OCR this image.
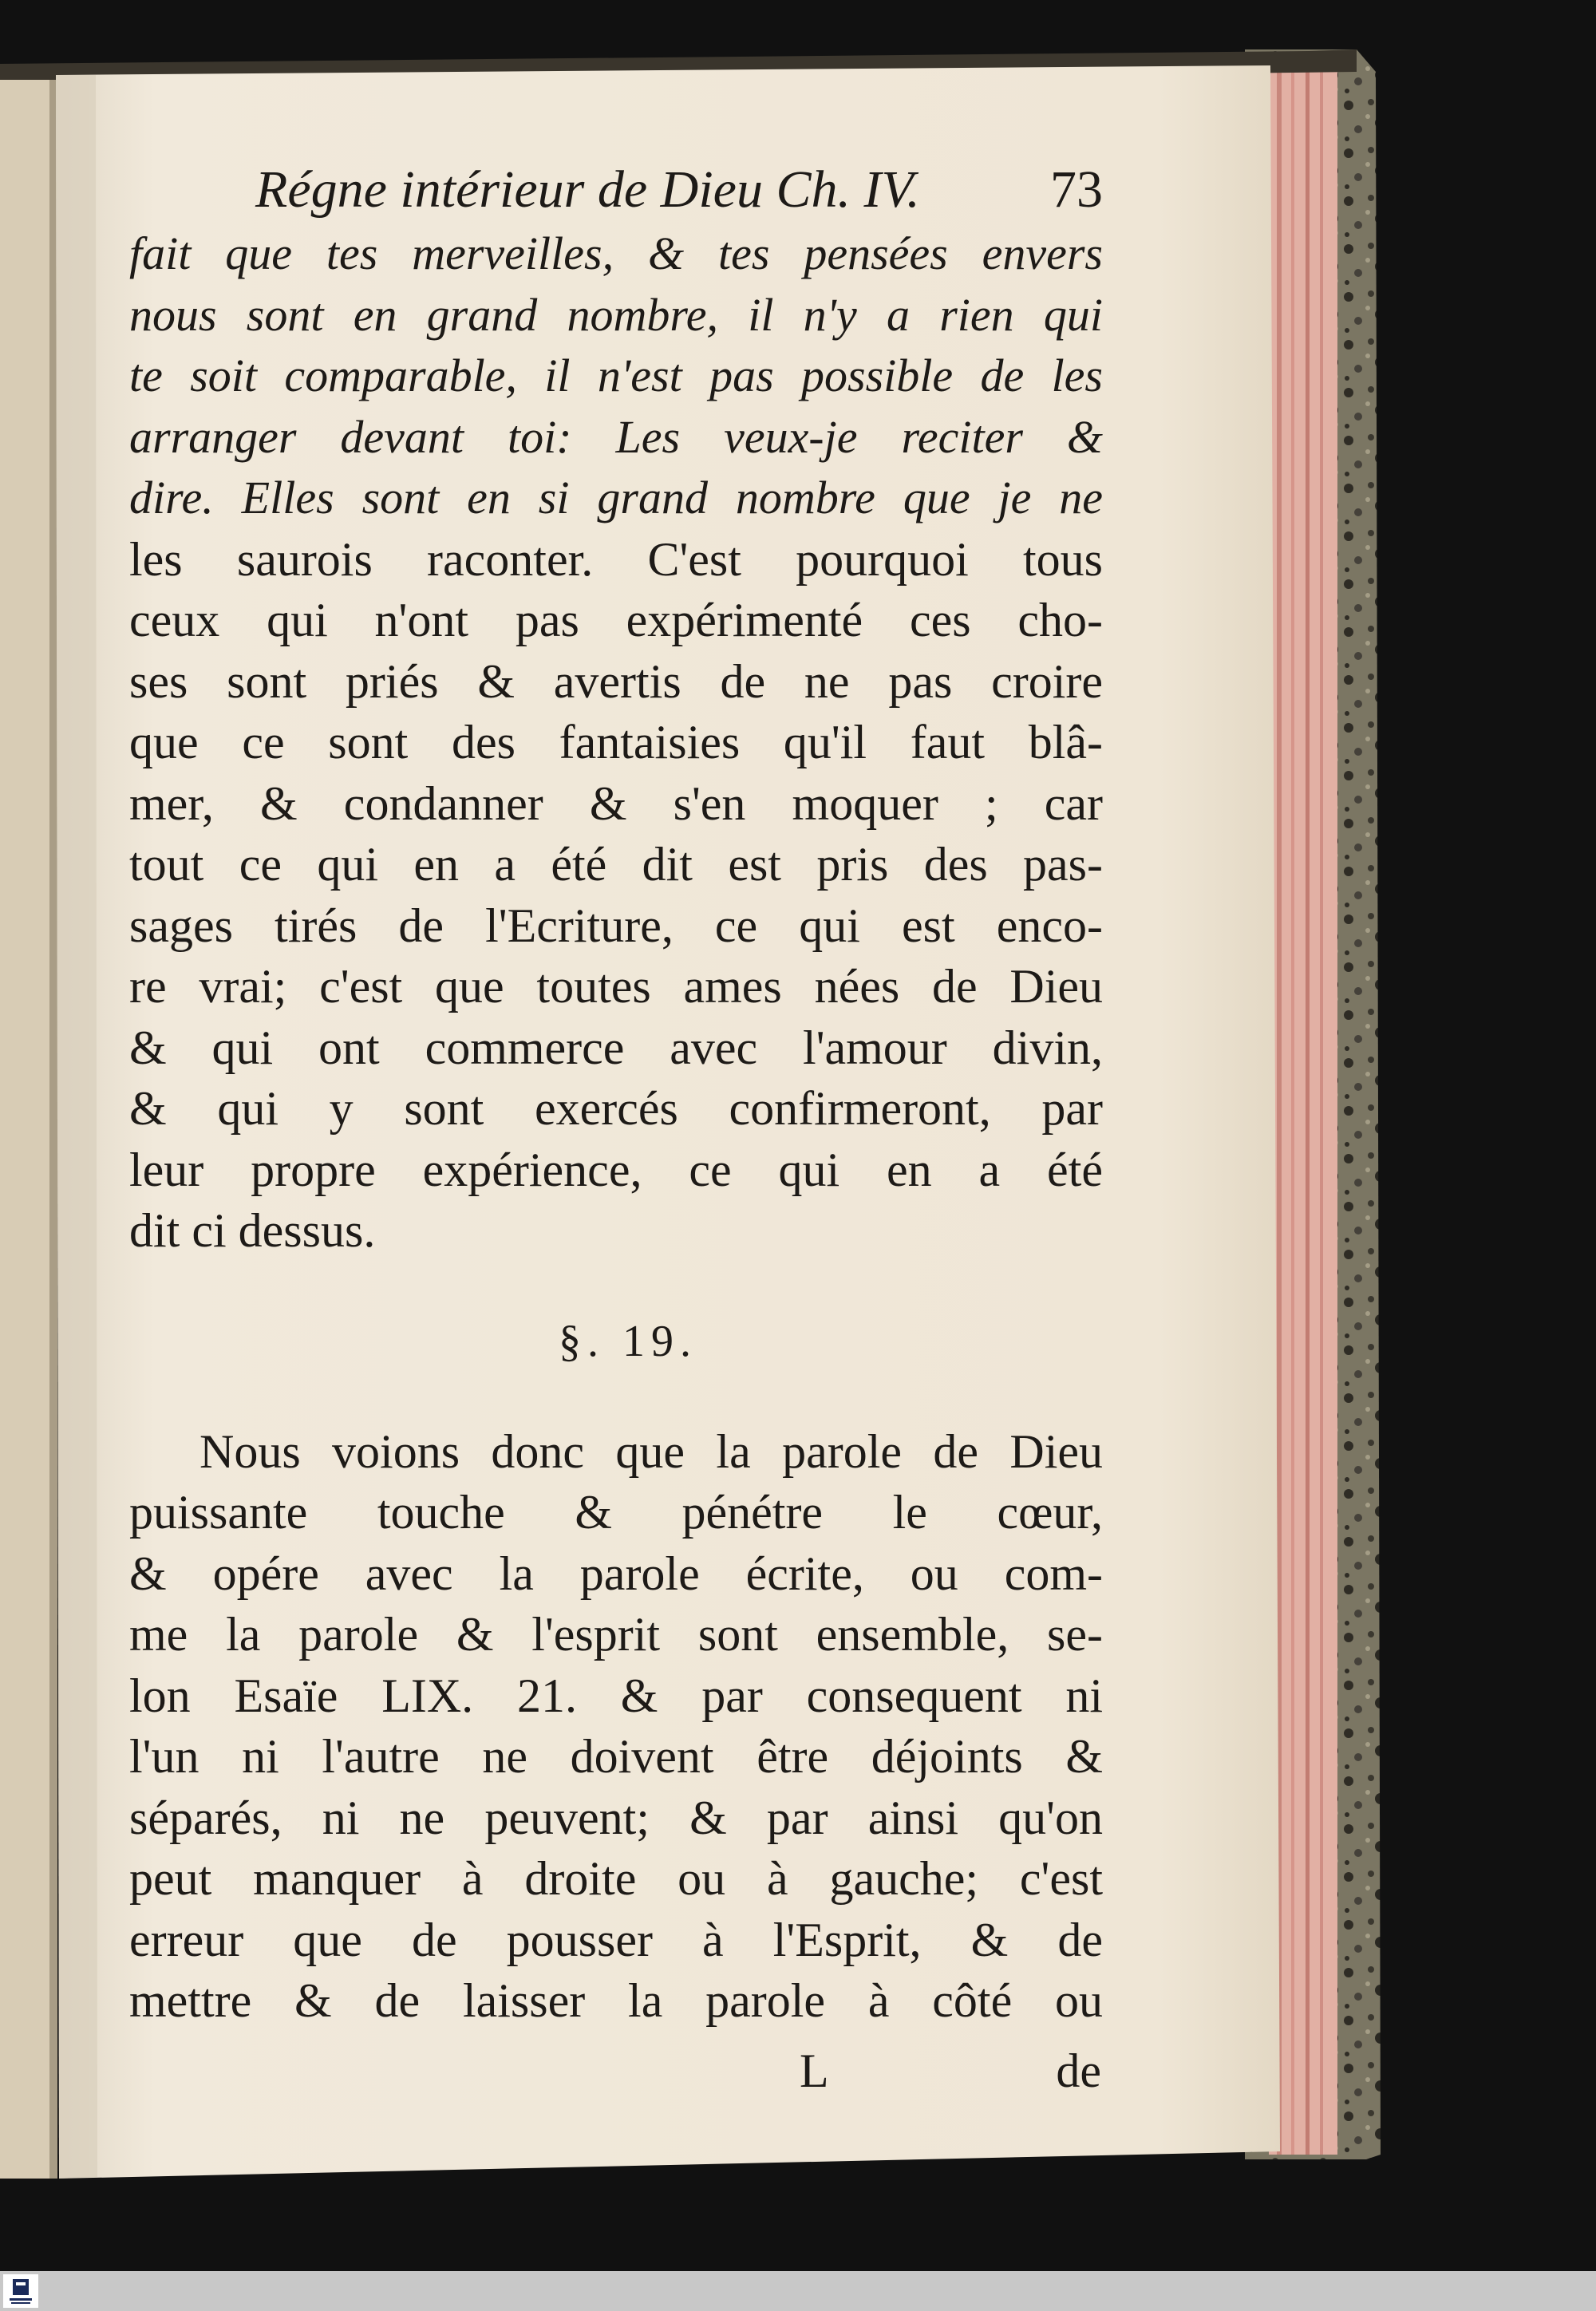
Régne intérieur de Dieu Ch. IV. 73
fait que tes merveilles, & tes pensées envers
nous sont en grand nombre, il n'y a rien qui
te soit comparable, il n'est pas possible de les
arranger devant toi: Les veux-je reciter &
dire. Elles sont en si grand nombre que je ne
les saurois raconter. C'est pourquoi tous
ceux qui n'ont pas expérimenté ces cho-
ses sont priés & avertis de ne pas croire
que ce sont des fantaisies qu'il faut blâ-
mer, & condanner & s'en moquer ; car
tout ce qui en a été dit est pris des pas-
sages tirés de l'Ecriture, ce qui est enco-
re vrai; c'est que toutes ames nées de Dieu
& qui ont commerce avec l'amour divin,
& qui y sont exercés confirmeront, par
leur propre expérience, ce qui en a été
dit ci dessus.
§. 19.
Nous voions donc que la parole de Dieu
puissante touche & pénétre le cœur,
& opére avec la parole écrite, ou com-
me la parole & l'esprit sont ensemble, se-
lon Esaïe LIX. 21. & par consequent ni
l'un ni l'autre ne doivent être déjoints &
séparés, ni ne peuvent; & par ainsi qu'on
peut manquer à droite ou à gauche; c'est
erreur que de pousser à l'Esprit, & de
mettre & de laisser la parole à côté ou
L	de
